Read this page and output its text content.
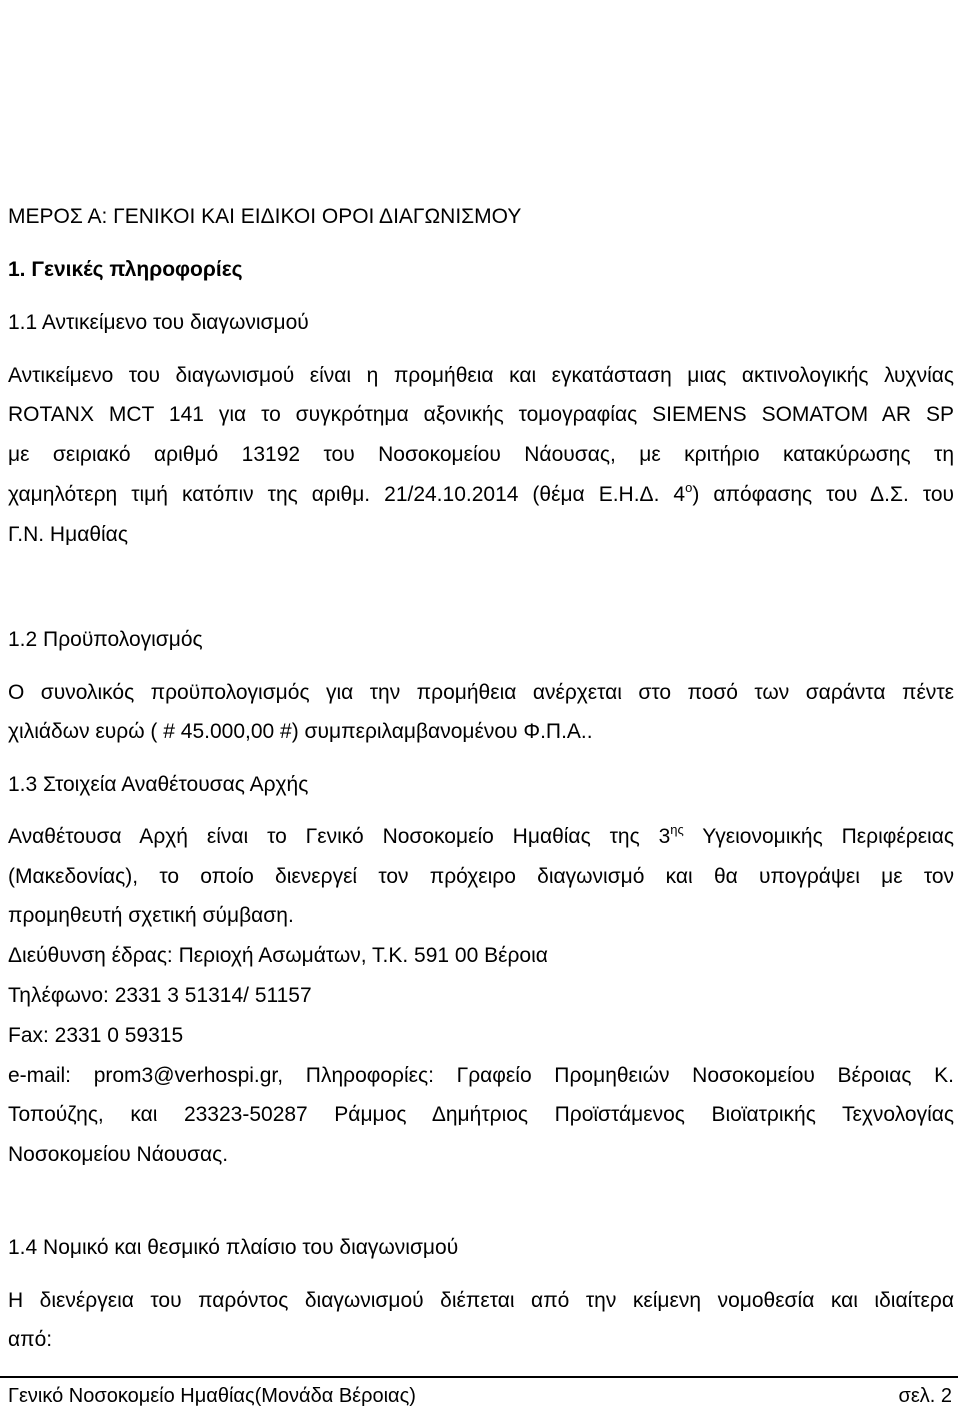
ΜΕΡΟΣ Α: ΓΕΝΙΚΟΙ ΚΑΙ ΕΙΔΙΚΟΙ ΟΡΟΙ ΔΙΑΓΩΝΙΣΜΟΥ
1. Γενικές πληροφορίες
1.1 Αντικείμενο του διαγωνισμού
Αντικείμενο του διαγωνισμού είναι η προμήθεια και εγκατάσταση μιας ακτινολογικής λυχνίας
ROTANX MCT 141 για το συγκρότημα αξονικής τομογραφίας SIEMENS SOMATOM AR SP
με σειριακό αριθμό 13192 του Νοσοκομείου Νάουσας, με κριτήριο κατακύρωσης τη
χαμηλότερη τιμή κατόπιν της αριθμ. 21/24.10.2014 (θέμα Ε.Η.Δ. $4^o$) απόφασης του Δ.Σ. του
Γ.Ν. Ημαθίας
1.2 Προϋπολογισμός
Ο συνολικός προϋπολογισμός για την προμήθεια ανέρχεται στο ποσό των σαράντα πέντε
χιλιάδων ευρώ ( # 45.000,00 #) συμπεριλαμβανομένου Φ.Π.Α..
1.3 Στοιχεία Αναθέτουσας Αρχής
Αναθέτουσα Αρχή είναι το Γενικό Νοσοκομείο Ημαθίας της $3^{\eta\varsigma}$ Υγειονομικής Περιφέρειας
(Μακεδονίας), το οποίο διενεργεί τον πρόχειρο διαγωνισμό και θα υπογράψει με τον
προμηθευτή σχετική σύμβαση.
Διεύθυνση έδρας: Περιοχή Ασωμάτων, Τ.Κ. 591 00 Βέροια
Τηλέφωνο: 2331 3 51314/ 51157
Fax: 2331 0 59315
e-mail: prom3@verhospi.gr, Πληροφορίες: Γραφείο Προμηθειών Νοσοκομείου Βέροιας Κ.
Τοπούζης, και 23323-50287 Ράμμος Δημήτριος Προϊστάμενος Βιοϊατρικής Τεχνολογίας
Νοσοκομείου Νάουσας.
1.4 Νομικό και θεσμικό πλαίσιο του διαγωνισμού
Η διενέργεια του παρόντος διαγωνισμού διέπεται από την κείμενη νομοθεσία και ιδιαίτερα
από:
Γενικό Νοσοκομείο Ημαθίας(Μονάδα Βέροιας)	σελ. 2
